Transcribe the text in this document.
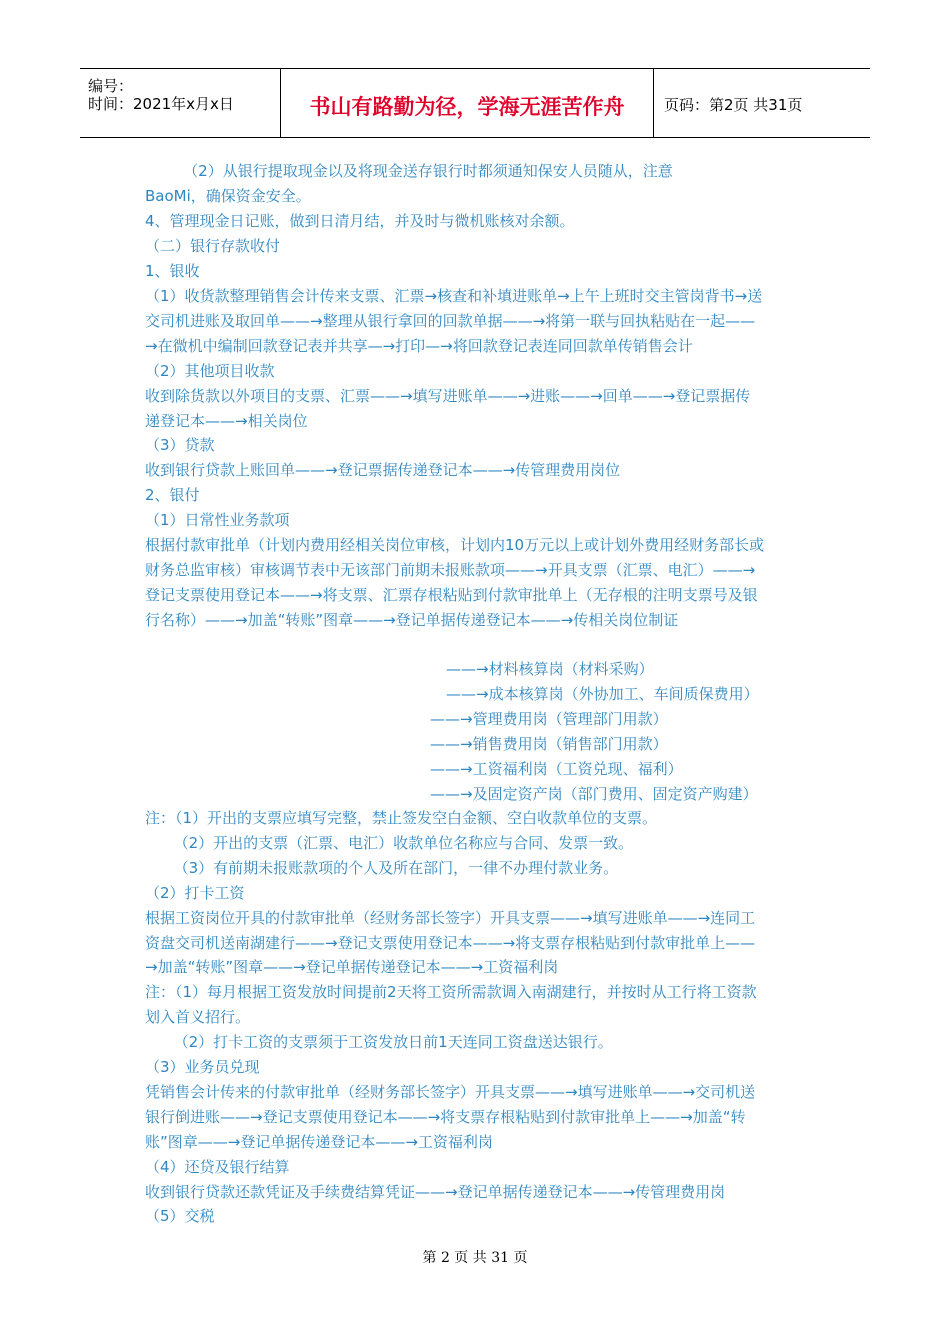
编号：
时间：2021年x月x日	书山有路勤为径，学海无涯苦作舟	页码：第2页 共31页
（2）从银行提取现金以及将现金送存银行时都须通知保安人员随从，注意
BaoMi，确保资金安全。
4、管理现金日记账，做到日清月结，并及时与微机账核对余额。
（二）银行存款收付
1、银收
（1）收货款整理销售会计传来支票、汇票→核查和补填进账单→上午上班时交主管岗背书→送
交司机进账及取回单——→整理从银行拿回的回款单据——→将第一联与回执粘贴在一起——
→在微机中编制回款登记表并共享—→打印—→将回款登记表连同回款单传销售会计
（2）其他项目收款
收到除货款以外项目的支票、汇票——→填写进账单——→进账——→回单——→登记票据传
递登记本——→相关岗位
（3）贷款
收到银行贷款上账回单——→登记票据传递登记本——→传管理费用岗位
2、银付
（1）日常性业务款项
根据付款审批单（计划内费用经相关岗位审核，计划内10万元以上或计划外费用经财务部长或
财务总监审核）审核调节表中无该部门前期未报账款项——→开具支票（汇票、电汇）——→
登记支票使用登记本——→将支票、汇票存根粘贴到付款审批单上（无存根的注明支票号及银
行名称）——→加盖“转账”图章——→登记单据传递登记本——→传相关岗位制证
——→材料核算岗（材料采购）
——→成本核算岗（外协加工、车间质保费用）
——→管理费用岗（管理部门用款）
——→销售费用岗（销售部门用款）
——→工资福利岗（工资兑现、福利）
——→及固定资产岗（部门费用、固定资产购建）
注：（1）开出的支票应填写完整，禁止签发空白金额、空白收款单位的支票。
（2）开出的支票（汇票、电汇）收款单位名称应与合同、发票一致。
（3）有前期未报账款项的个人及所在部门，一律不办理付款业务。
（2）打卡工资
根据工资岗位开具的付款审批单（经财务部长签字）开具支票——→填写进账单——→连同工
资盘交司机送南湖建行——→登记支票使用登记本——→将支票存根粘贴到付款审批单上——
→加盖“转账”图章——→登记单据传递登记本——→工资福利岗
注：（1）每月根据工资发放时间提前2天将工资所需款调入南湖建行，并按时从工行将工资款
划入首义招行。
（2）打卡工资的支票须于工资发放日前1天连同工资盘送达银行。
（3）业务员兑现
凭销售会计传来的付款审批单（经财务部长签字）开具支票——→填写进账单——→交司机送
银行倒进账——→登记支票使用登记本——→将支票存根粘贴到付款审批单上——→加盖“转
账”图章——→登记单据传递登记本——→工资福利岗
（4）还贷及银行结算
收到银行贷款还款凭证及手续费结算凭证——→登记单据传递登记本——→传管理费用岗
（5）交税
第 2 页 共 31 页
